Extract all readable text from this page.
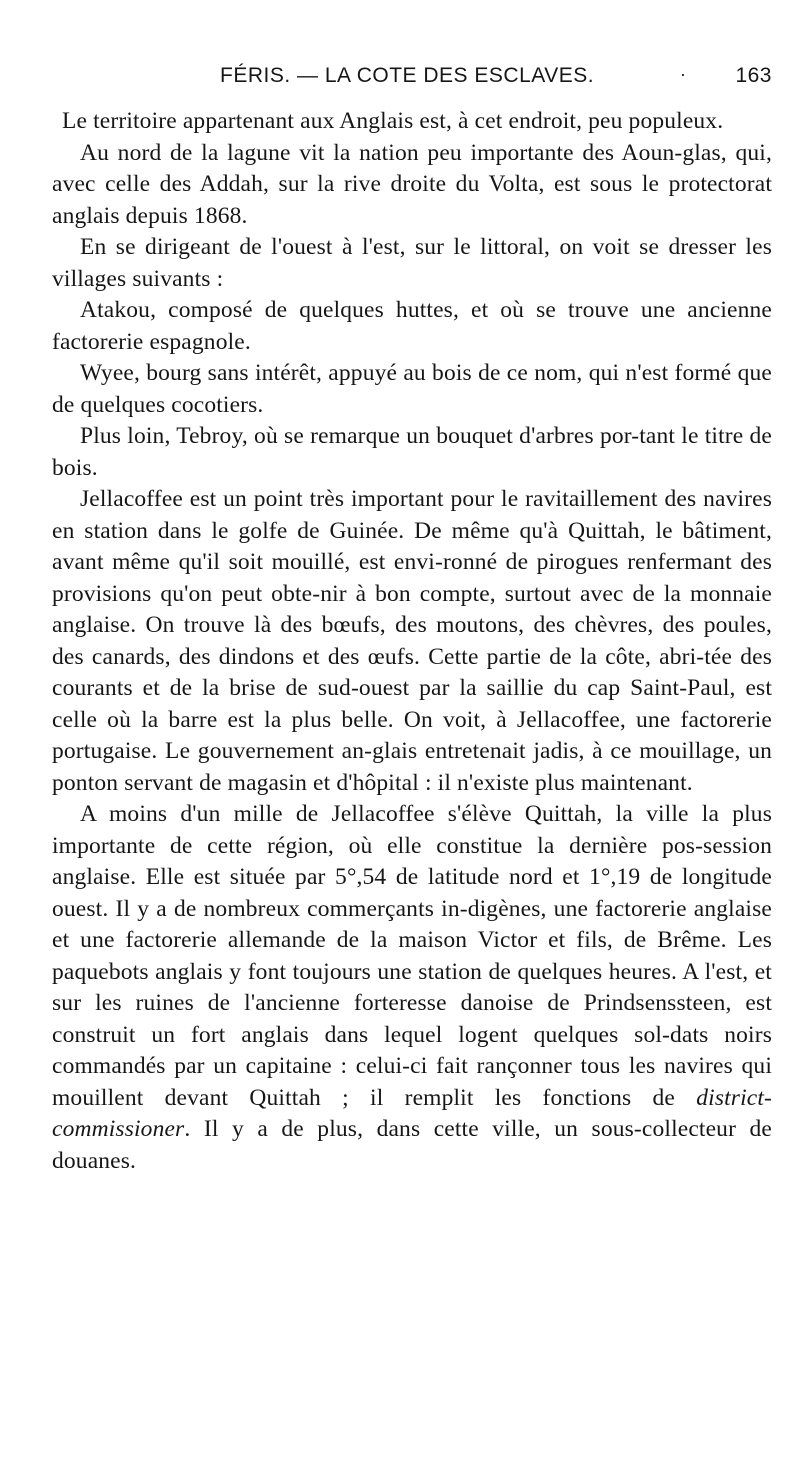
FÉRIS. — LA COTE DES ESCLAVES.	· 163

Le territoire appartenant aux Anglais est, à cet endroit, peu populeux.

Au nord de la lagune vit la nation peu importante des Aoun-glas, qui, avec celle des Addah, sur la rive droite du Volta, est sous le protectorat anglais depuis 1868.

En se dirigeant de l'ouest à l'est, sur le littoral, on voit se dresser les villages suivants :

Atakou, composé de quelques huttes, et où se trouve une ancienne factorerie espagnole.

Wyee, bourg sans intérêt, appuyé au bois de ce nom, qui n'est formé que de quelques cocotiers.

Plus loin, Tebroy, où se remarque un bouquet d'arbres por-tant le titre de bois.

Jellacoffee est un point très important pour le ravitaillement des navires en station dans le golfe de Guinée. De même qu'à Quittah, le bâtiment, avant même qu'il soit mouillé, est envi-ronné de pirogues renfermant des provisions qu'on peut obte-nir à bon compte, surtout avec de la monnaie anglaise. On trouve là des bœufs, des moutons, des chèvres, des poules, des canards, des dindons et des œufs. Cette partie de la côte, abri-tée des courants et de la brise de sud-ouest par la saillie du cap Saint-Paul, est celle où la barre est la plus belle. On voit, à Jellacoffee, une factorerie portugaise. Le gouvernement an-glais entretenait jadis, à ce mouillage, un ponton servant de magasin et d'hôpital : il n'existe plus maintenant.

A moins d'un mille de Jellacoffee s'élève Quittah, la ville la plus importante de cette région, où elle constitue la dernière pos-session anglaise. Elle est située par 5°,54 de latitude nord et 1°,19 de longitude ouest. Il y a de nombreux commerçants in-digènes, une factorerie anglaise et une factorerie allemande de la maison Victor et fils, de Brême. Les paquebots anglais y font toujours une station de quelques heures. A l'est, et sur les ruines de l'ancienne forteresse danoise de Prindsensstеen, est construit un fort anglais dans lequel logent quelques sol-dats noirs commandés par un capitaine : celui-ci fait rançonner tous les navires qui mouillent devant Quittah ; il remplit les fonctions de district-commissioner. Il y a de plus, dans cette ville, un sous-collecteur de douanes.
